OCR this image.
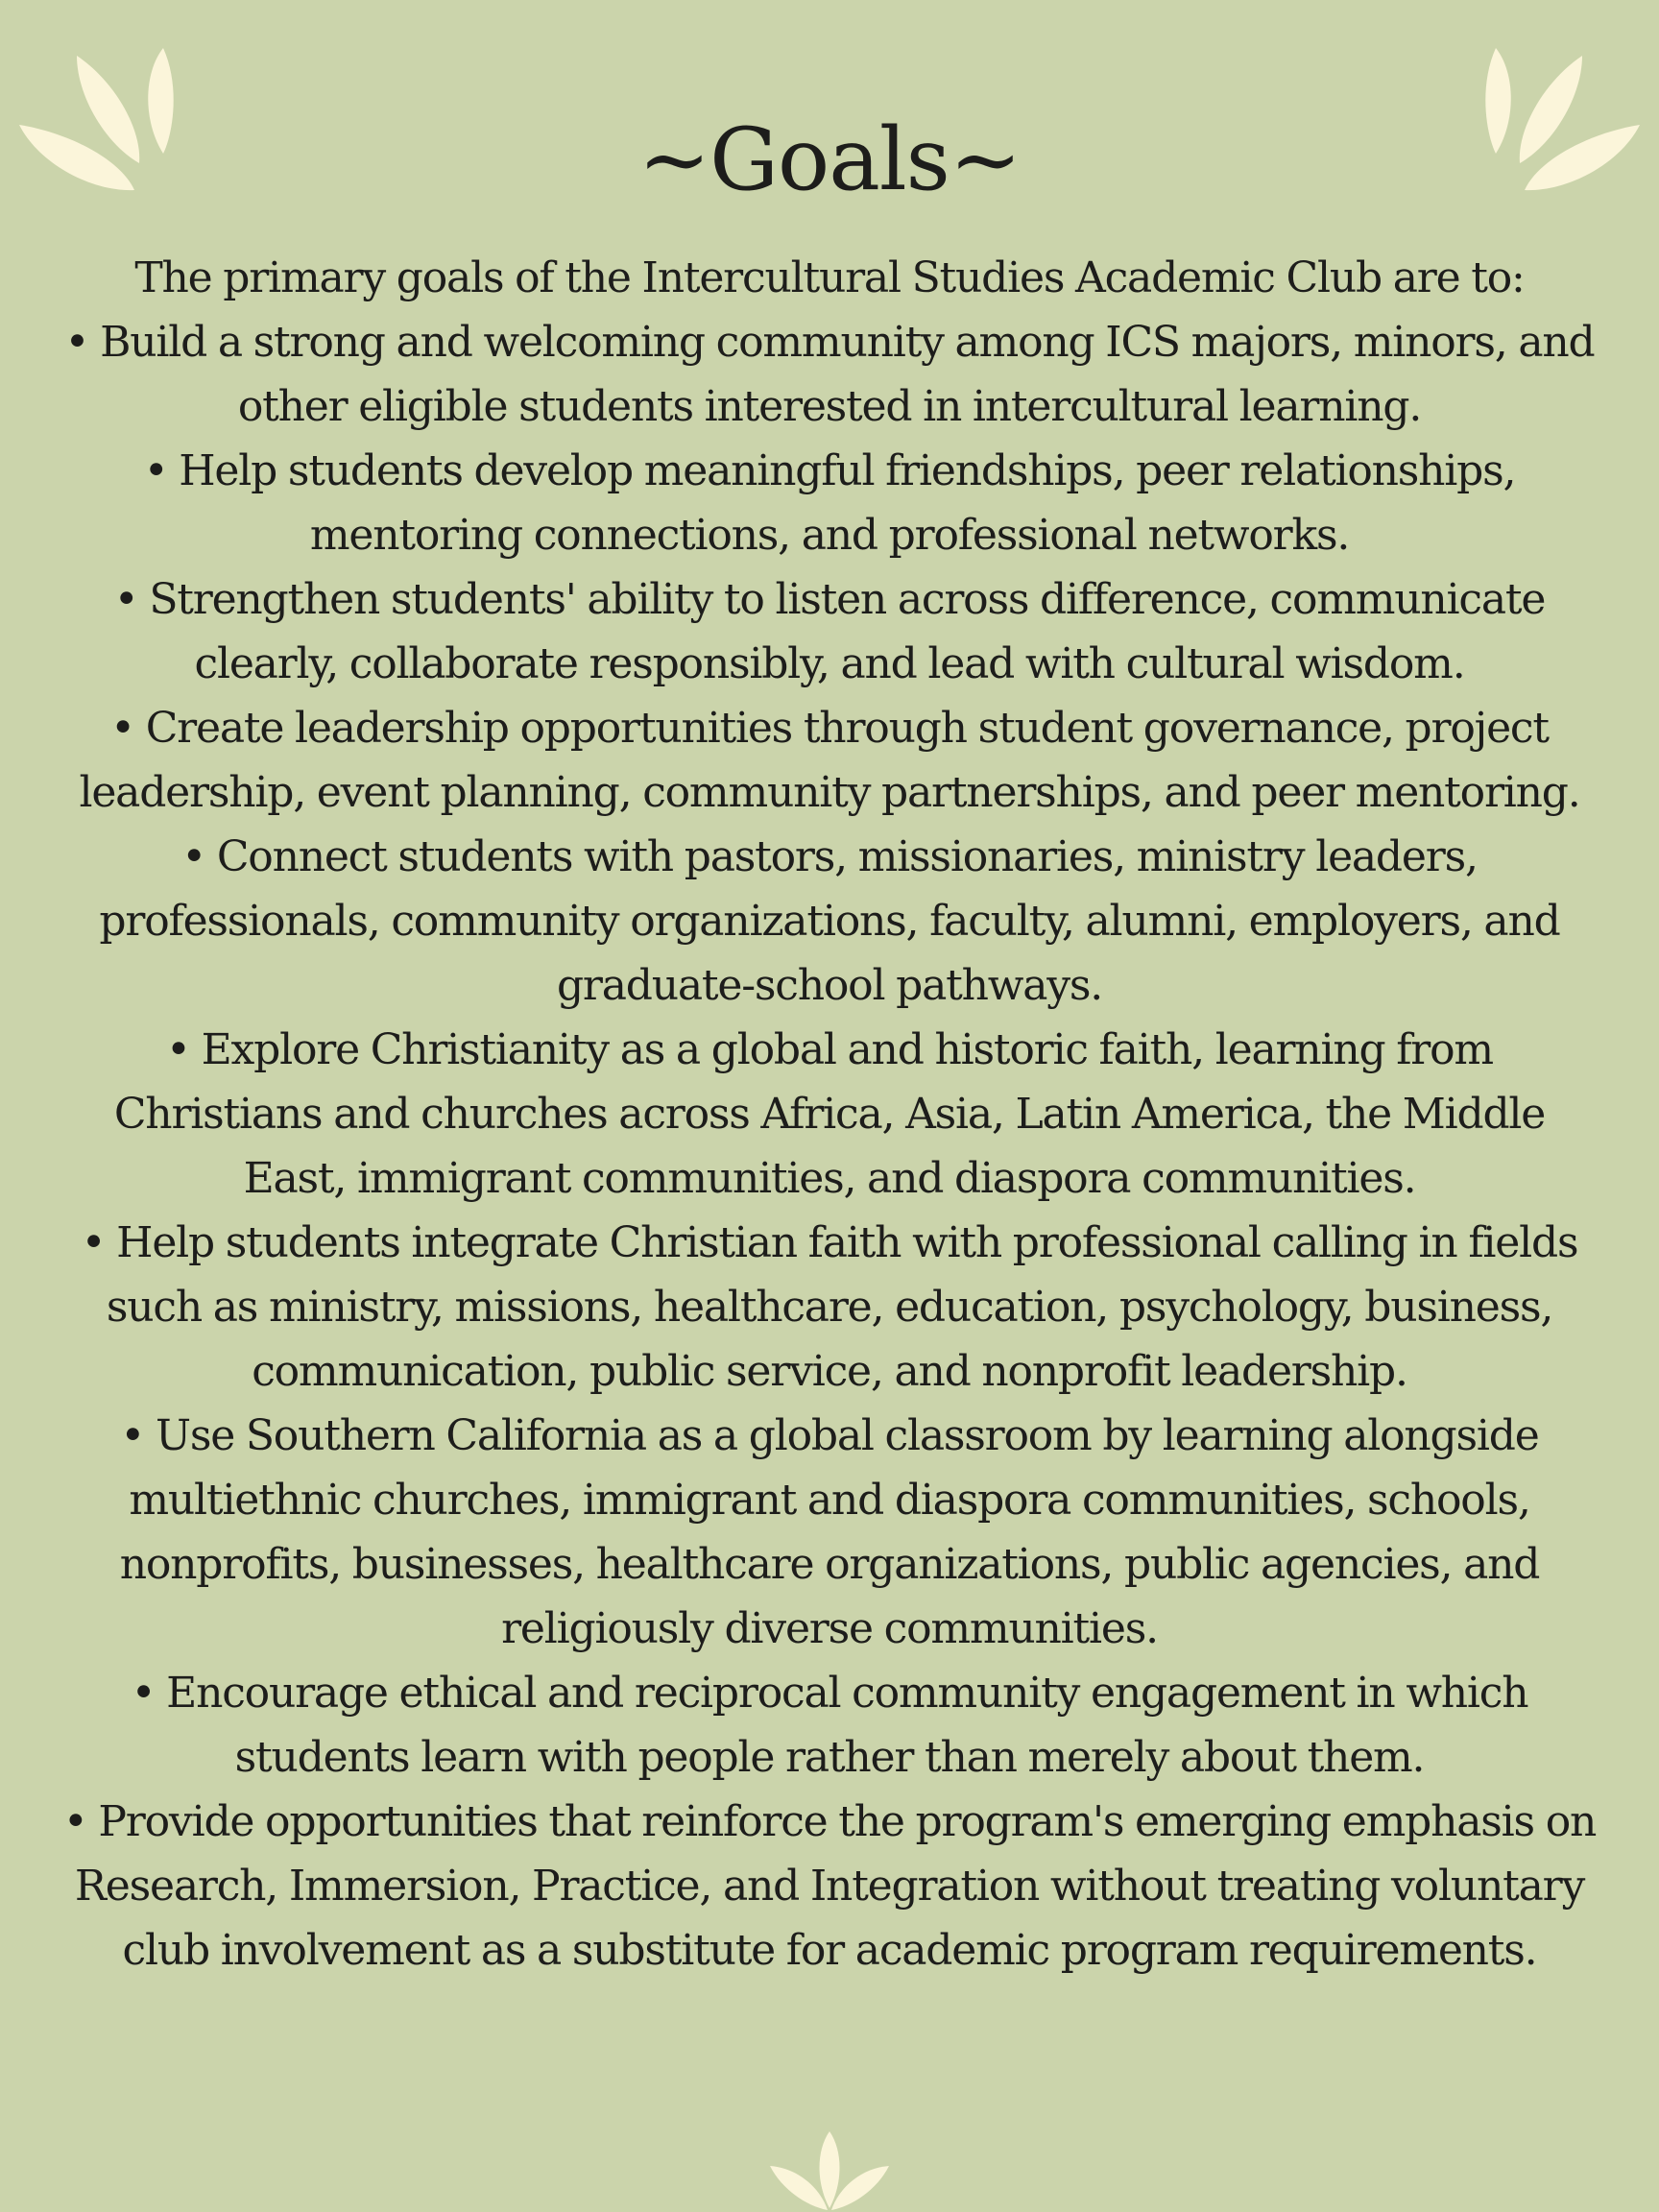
~Goals~

The primary goals of the Intercultural Studies Academic Club are to:

• Build a strong and welcoming community among ICS majors, minors, and other eligible students interested in intercultural learning.
• Help students develop meaningful friendships, peer relationships, mentoring connections, and professional networks.
• Strengthen students' ability to listen across difference, communicate clearly, collaborate responsibly, and lead with cultural wisdom.
• Create leadership opportunities through student governance, project leadership, event planning, community partnerships, and peer mentoring.
• Connect students with pastors, missionaries, ministry leaders, professionals, community organizations, faculty, alumni, employers, and graduate-school pathways.
• Explore Christianity as a global and historic faith, learning from Christians and churches across Africa, Asia, Latin America, the Middle East, immigrant communities, and diaspora communities.
• Help students integrate Christian faith with professional calling in fields such as ministry, missions, healthcare, education, psychology, business, communication, public service, and nonprofit leadership.
• Use Southern California as a global classroom by learning alongside multiethnic churches, immigrant and diaspora communities, schools, nonprofits, businesses, healthcare organizations, public agencies, and religiously diverse communities.
• Encourage ethical and reciprocal community engagement in which students learn with people rather than merely about them.
• Provide opportunities that reinforce the program's emerging emphasis on Research, Immersion, Practice, and Integration without treating voluntary club involvement as a substitute for academic program requirements.
